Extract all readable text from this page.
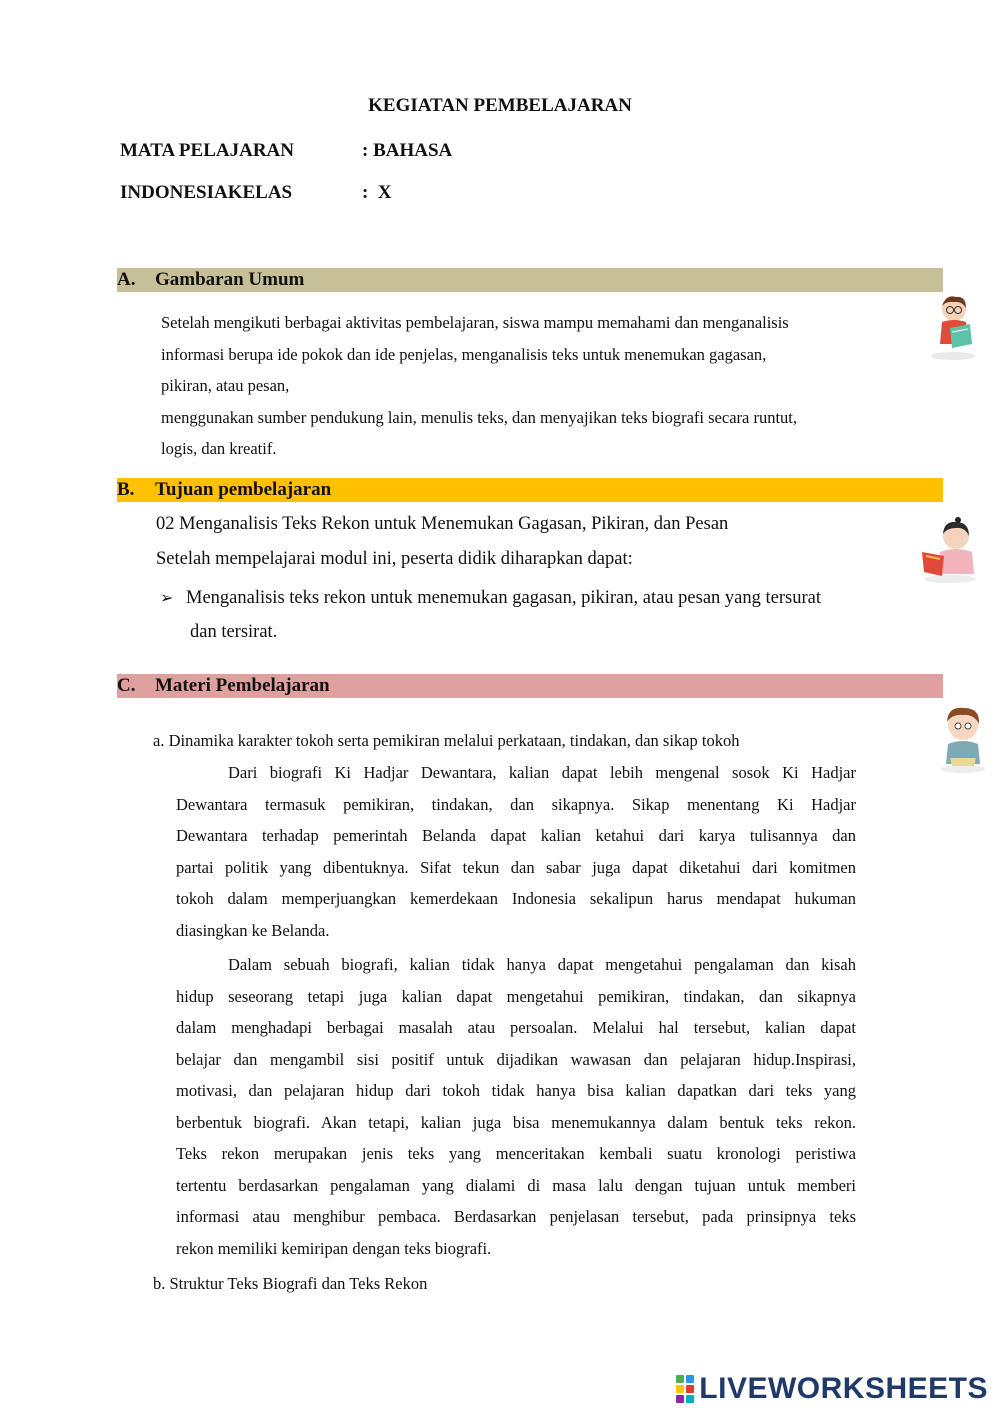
KEGIATAN PEMBELAJARAN
MATA PELAJARAN	: BAHASA
INDONESIAKELAS	:  X
A. Gambaran Umum
Setelah mengikuti berbagai aktivitas pembelajaran, siswa mampu memahami dan menganalisis
informasi berupa ide pokok dan ide penjelas, menganalisis teks untuk menemukan gagasan,
pikiran, atau pesan,
menggunakan sumber pendukung lain, menulis teks, dan menyajikan teks biografi secara runtut,
logis, dan kreatif.
B. Tujuan pembelajaran
02 Menganalisis Teks Rekon untuk Menemukan Gagasan, Pikiran, dan Pesan
Setelah mempelajarai modul ini, peserta didik diharapkan dapat:
➢ Menganalisis teks rekon untuk menemukan gagasan, pikiran, atau pesan yang tersurat
dan tersirat.
C. Materi Pembelajaran
a. Dinamika karakter tokoh serta pemikiran melalui perkataan, tindakan, dan sikap tokoh
Dari biografi Ki Hadjar Dewantara, kalian dapat lebih mengenal sosok Ki Hadjar
Dewantara termasuk pemikiran, tindakan, dan sikapnya. Sikap menentang Ki Hadjar
Dewantara terhadap pemerintah Belanda dapat kalian ketahui dari karya tulisannya dan
partai politik yang dibentuknya. Sifat tekun dan sabar juga dapat diketahui dari komitmen
tokoh dalam memperjuangkan kemerdekaan Indonesia sekalipun harus mendapat hukuman
diasingkan ke Belanda.
Dalam sebuah biografi, kalian tidak hanya dapat mengetahui pengalaman dan kisah
hidup seseorang tetapi juga kalian dapat mengetahui pemikiran, tindakan, dan sikapnya
dalam menghadapi berbagai masalah atau persoalan. Melalui hal tersebut, kalian dapat
belajar dan mengambil sisi positif untuk dijadikan wawasan dan pelajaran hidup.Inspirasi,
motivasi, dan pelajaran hidup dari tokoh tidak hanya bisa kalian dapatkan dari teks yang
berbentuk biografi. Akan tetapi, kalian juga bisa menemukannya dalam bentuk teks rekon.
Teks rekon merupakan jenis teks yang menceritakan kembali suatu kronologi peristiwa
tertentu berdasarkan pengalaman yang dialami di masa lalu dengan tujuan untuk memberi
informasi atau menghibur pembaca. Berdasarkan penjelasan tersebut, pada prinsipnya teks
rekon memiliki kemiripan dengan teks biografi.
b. Struktur Teks Biografi dan Teks Rekon
LIVEWORKSHEETS
